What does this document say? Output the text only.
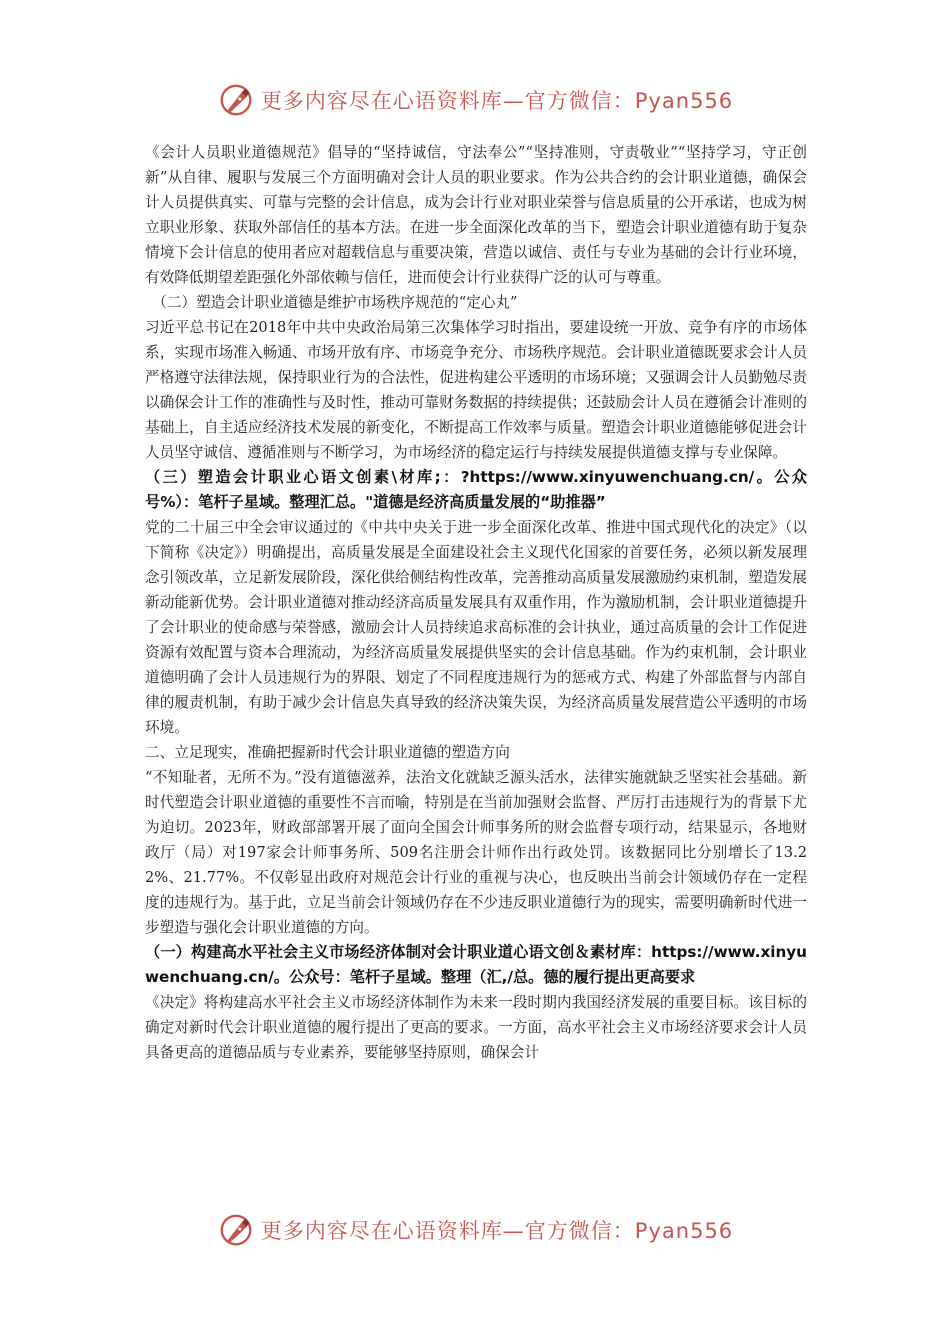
更多内容尽在心语资料库—官方微信：Pyan556

《会计人员职业道德规范》倡导的“坚持诚信，守法奉公”“坚持准则，守责敬业”“坚持学习，守正创新”从自律、履职与发展三个方面明确对会计人员的职业要求。作为公共合约的会计职业道德，确保会计人员提供真实、可靠与完整的会计信息，成为会计行业对职业荣誉与信息质量的公开承诺，也成为树立职业形象、获取外部信任的基本方法。在进一步全面深化改革的当下，塑造会计职业道德有助于复杂情境下会计信息的使用者应对超载信息与重要决策，营造以诚信、责任与专业为基础的会计行业环境，有效降低期望差距强化外部依赖与信任，进而使会计行业获得广泛的认可与尊重。

（二）塑造会计职业道德是维护市场秩序规范的“定心丸”

习近平总书记在2018年中共中央政治局第三次集体学习时指出，要建设统一开放、竞争有序的市场体系，实现市场准入畅通、市场开放有序、市场竞争充分、市场秩序规范。会计职业道德既要求会计人员严格遵守法律法规，保持职业行为的合法性，促进构建公平透明的市场环境；又强调会计人员勤勉尽责以确保会计工作的准确性与及时性，推动可靠财务数据的持续提供；还鼓励会计人员在遵循会计准则的基础上，自主适应经济技术发展的新变化，不断提高工作效率与质量。塑造会计职业道德能够促进会计人员坚守诚信、遵循准则与不断学习，为市场经济的稳定运行与持续发展提供道德支撑与专业保障。

（三）塑造会计职业心语文创素\材库;：?https://www.xinyuwenchuang.cn/。公众号%）：笔杆子星域。整理汇总。"道德是经济高质量发展的“助推器”

党的二十届三中全会审议通过的《中共中央关于进一步全面深化改革、推进中国式现代化的决定》（以下简称《决定》）明确提出，高质量发展是全面建设社会主义现代化国家的首要任务，必须以新发展理念引领改革，立足新发展阶段，深化供给侧结构性改革，完善推动高质量发展激励约束机制，塑造发展新动能新优势。会计职业道德对推动经济高质量发展具有双重作用，作为激励机制，会计职业道德提升了会计职业的使命感与荣誉感，激励会计人员持续追求高标准的会计执业，通过高质量的会计工作促进资源有效配置与资本合理流动，为经济高质量发展提供坚实的会计信息基础。作为约束机制，会计职业道德明确了会计人员违规行为的界限、划定了不同程度违规行为的惩戒方式、构建了外部监督与内部自律的履责机制，有助于减少会计信息失真导致的经济决策失误，为经济高质量发展营造公平透明的市场环境。

二、立足现实，准确把握新时代会计职业道德的塑造方向

“不知耻者，无所不为。”没有道德滋养，法治文化就缺乏源头活水，法律实施就缺乏坚实社会基础。新时代塑造会计职业道德的重要性不言而喻，特别是在当前加强财会监督、严厉打击违规行为的背景下尤为迫切。2023年，财政部部署开展了面向全国会计师事务所的财会监督专项行动，结果显示，各地财政厅（局）对197家会计师事务所、509名注册会计师作出行政处罚。该数据同比分别增长了13.22%、21.77%。不仅彰显出政府对规范会计行业的重视与决心，也反映出当前会计领域仍存在一定程度的违规行为。基于此，立足当前会计领域仍存在不少违反职业道德行为的现实，需要明确新时代进一步塑造与强化会计职业道德的方向。

（一）构建高水平社会主义市场经济体制对会计职业道心语文创＆素材库：https://www.xinyuwenchuang.cn/。公众号：笔杆子星域。整理（汇,/总。德的履行提出更高要求

《决定》将构建高水平社会主义市场经济体制作为未来一段时期内我国经济发展的重要目标。该目标的确定对新时代会计职业道德的履行提出了更高的要求。一方面，高水平社会主义市场经济要求会计人员具备更高的道德品质与专业素养，要能够坚持原则，确保会计

更多内容尽在心语资料库—官方微信：Pyan556
